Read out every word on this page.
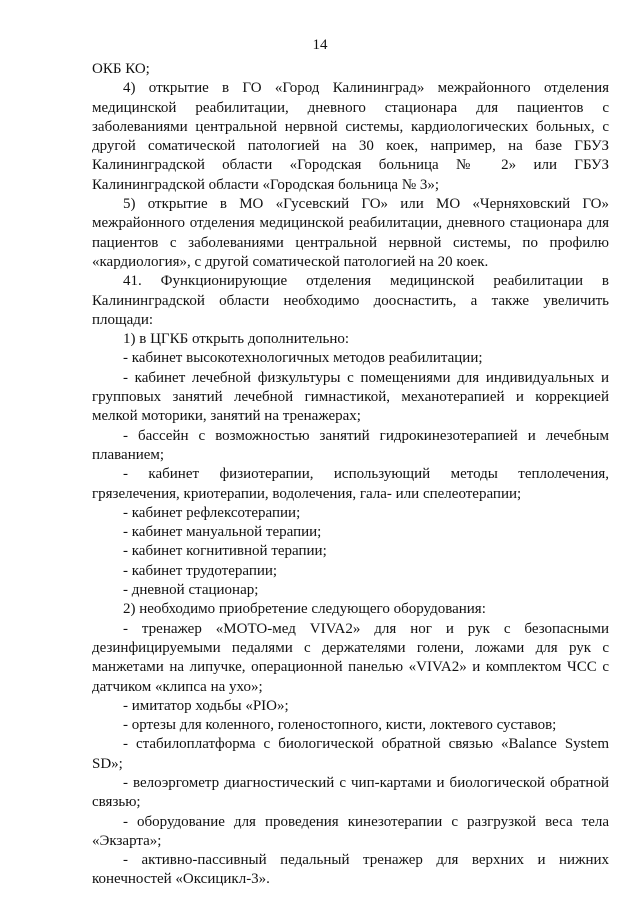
14

ОКБ КО;

4) открытие в ГО «Город Калининград» межрайонного отделения медицинской реабилитации, дневного стационара для пациентов с заболеваниями центральной нервной системы, кардиологических больных, с другой соматической патологией на 30 коек, например, на базе ГБУЗ Калининградской области «Городская больница № 2» или ГБУЗ Калининградской области «Городская больница № 3»;

5) открытие в МО «Гусевский ГО» или МО «Черняховский ГО» межрайонного отделения медицинской реабилитации, дневного стационара для пациентов с заболеваниями центральной нервной системы, по профилю «кардиология», с другой соматической патологией на 20 коек.

41. Функционирующие отделения медицинской реабилитации в Калининградской области необходимо дооснастить, а также увеличить площади:

1) в ЦГКБ открыть дополнительно:

- кабинет высокотехнологичных методов реабилитации;

- кабинет лечебной физкультуры с помещениями для индивидуальных и групповых занятий лечебной гимнастикой, механотерапией и коррекцией мелкой моторики, занятий на тренажерах;

- бассейн с возможностью занятий гидрокинезотерапией и лечебным плаванием;

- кабинет физиотерапии, использующий методы теплолечения, грязелечения, криотерапии, водолечения, гала- или спелеотерапии;

- кабинет рефлексотерапии;

- кабинет мануальной терапии;

- кабинет когнитивной терапии;

- кабинет трудотерапии;

- дневной стационар;

2) необходимо приобретение следующего оборудования:

- тренажер «МОТО-мед VIVA2» для ног и рук с безопасными дезинфицируемыми педалями с держателями голени, ложами для рук с манжетами на липучке, операционной панелью «VIVA2» и комплектом ЧСС с датчиком «клипса на ухо»;

- имитатор ходьбы «PIO»;

- ортезы для коленного, голеностопного, кисти, локтевого суставов;

- стабилоплатформа с биологической обратной связью «Balance System SD»;

- велоэргометр диагностический с чип-картами и биологической обратной связью;

- оборудование для проведения кинезотерапии с разгрузкой веса тела «Экзарта»;

- активно-пассивный педальный тренажер для верхних и нижних конечностей «Оксицикл-3».
